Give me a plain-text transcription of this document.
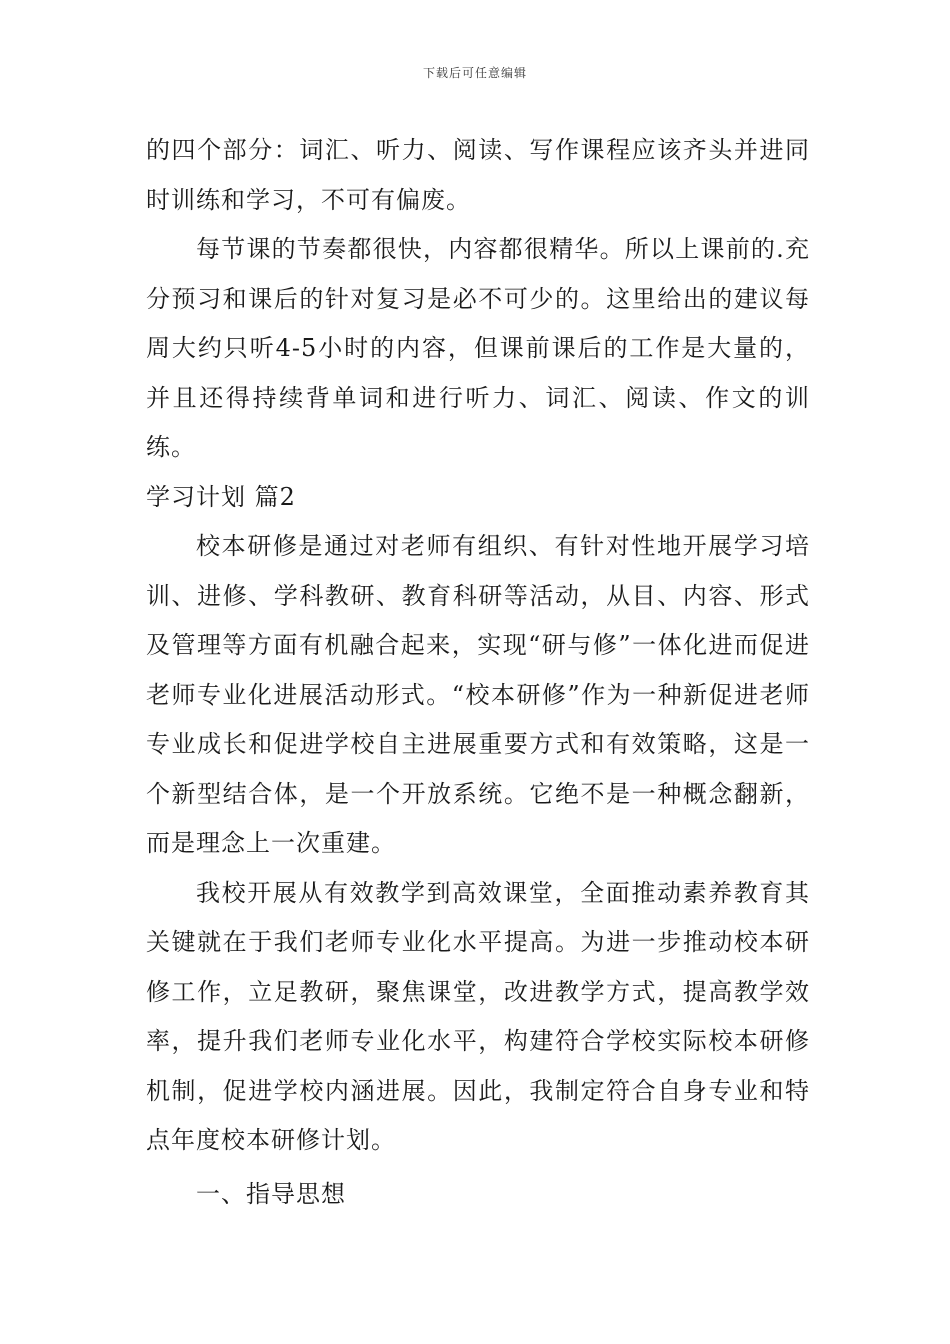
下载后可任意编辑

的四个部分：词汇、听力、阅读、写作课程应该齐头并进同时训练和学习，不可有偏废。

每节课的节奏都很快，内容都很精华。所以上课前的.充分预习和课后的针对复习是必不可少的。这里给出的建议每周大约只听4-5小时的内容，但课前课后的工作是大量的，并且还得持续背单词和进行听力、词汇、阅读、作文的训练。

学习计划 篇2

校本研修是通过对老师有组织、有针对性地开展学习培训、进修、学科教研、教育科研等活动，从目、内容、形式及管理等方面有机融合起来，实现“研与修”一体化进而促进老师专业化进展活动形式。“校本研修”作为一种新促进老师专业成长和促进学校自主进展重要方式和有效策略，这是一个新型结合体，是一个开放系统。它绝不是一种概念翻新，而是理念上一次重建。

我校开展从有效教学到高效课堂，全面推动素养教育其关键就在于我们老师专业化水平提高。为进一步推动校本研修工作，立足教研，聚焦课堂，改进教学方式，提高教学效率，提升我们老师专业化水平，构建符合学校实际校本研修机制，促进学校内涵进展。因此，我制定符合自身专业和特点年度校本研修计划。

一、指导思想
